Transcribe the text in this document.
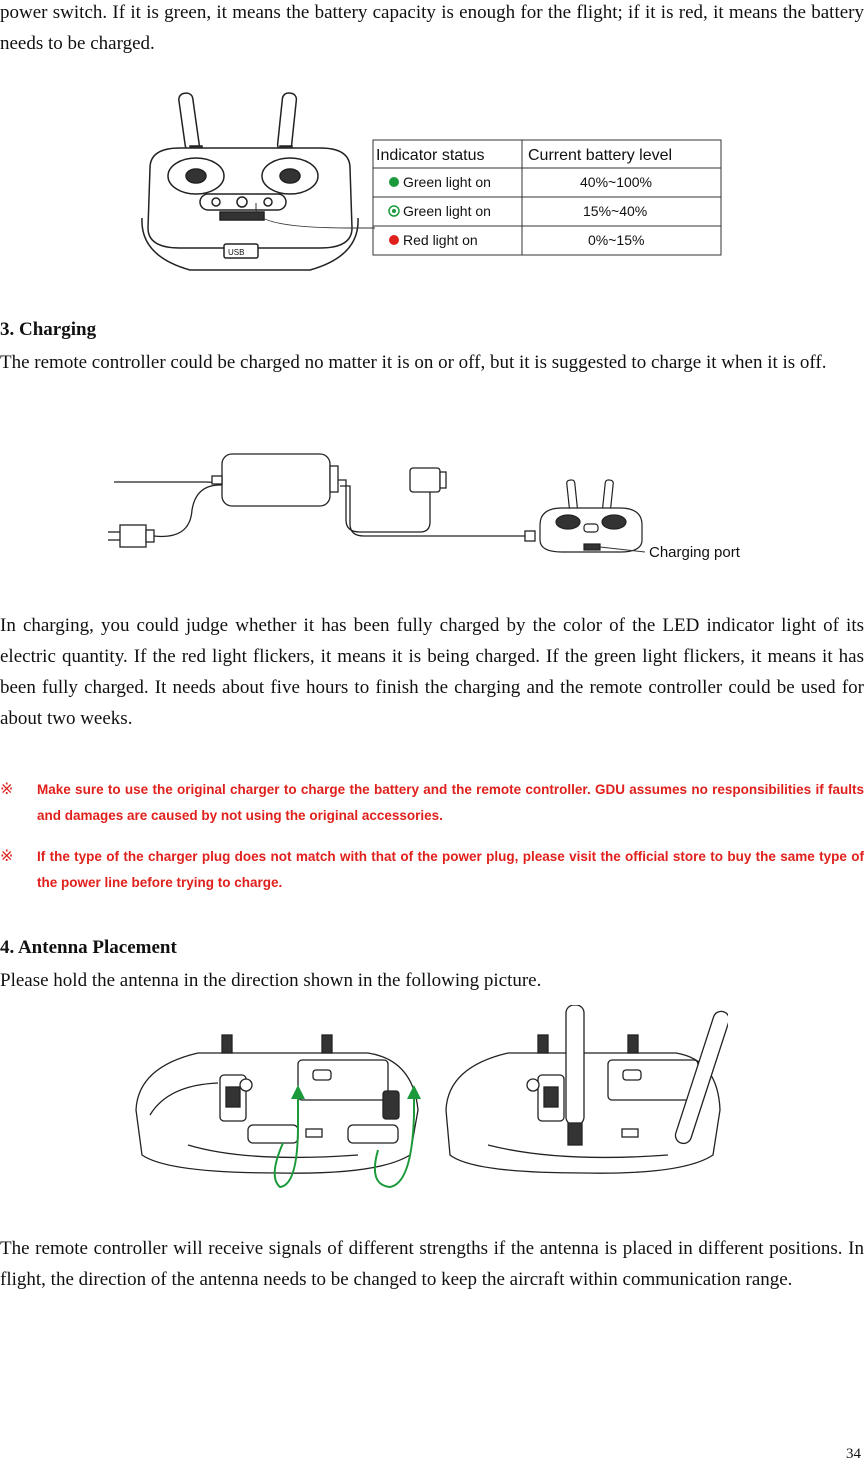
power switch. If it is green, it means the battery capacity is enough for the flight; if it is red, it means the battery needs to be charged.

USB
Indicator status	Current battery level
Green light on	40%~100%
Green light on	15%~40%
Red light on	0%~15%
3. Charging

The remote controller could be charged no matter it is on or off, but it is suggested to charge it when it is off.

Charging port

In charging, you could judge whether it has been fully charged by the color of the LED indicator light of its electric quantity. If the red light flickers, it means it is being charged. If the green light flickers, it means it has been fully charged. It needs about five hours to finish the charging and the remote controller could be used for about two weeks.

※ Make sure to use the original charger to charge the battery and the remote controller. GDU assumes no responsibilities if faults and damages are caused by not using the original accessories.
※ If the type of the charger plug does not match with that of the power plug, please visit the official store to buy the same type of the power line before trying to charge.
4. Antenna Placement

Please hold the antenna in the direction shown in the following picture.

The remote controller will receive signals of different strengths if the antenna is placed in different positions. In flight, the direction of the antenna needs to be changed to keep the aircraft within communication range.

34
